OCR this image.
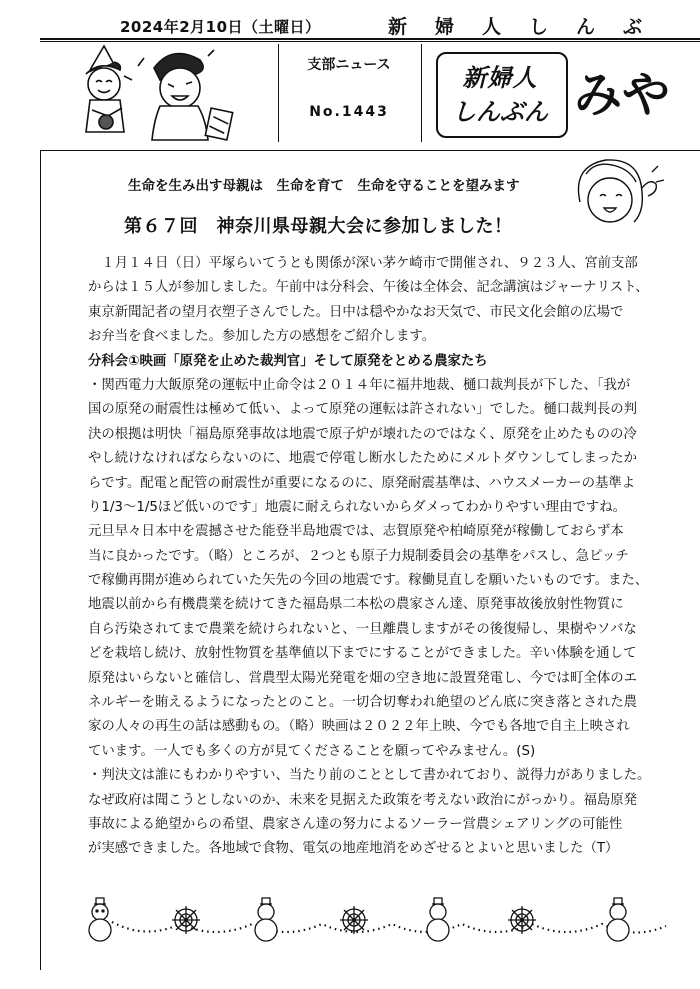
2024年2月10日（土曜日）	新婦人しんぶ
支部ニュース
No.1443
新婦人
しんぶん みや
生命を生み出す母親は　生命を育て　生命を守ることを望みます
第６７回　神奈川県母親大会に参加しました！
　１月１４日（日）平塚らいてうとも関係が深い茅ケ崎市で開催され、９２３人、宮前支部
からは１５人が参加しました。午前中は分科会、午後は全体会、記念講演はジャーナリスト、
東京新聞記者の望月衣塑子さんでした。日中は穏やかなお天気で、市民文化会館の広場で
お弁当を食べました。参加した方の感想をご紹介します。
分科会①映画「原発を止めた裁判官」そして原発をとめる農家たち
・関西電力大飯原発の運転中止命令は２０１４年に福井地裁、樋口裁判長が下した、「我が
国の原発の耐震性は極めて低い、よって原発の運転は許されない」でした。樋口裁判長の判
決の根拠は明快「福島原発事故は地震で原子炉が壊れたのではなく、原発を止めたものの冷
やし続けなければならないのに、地震で停電し断水したためにメルトダウンしてしまったか
らです。配電と配管の耐震性が重要になるのに、原発耐震基準は、ハウスメーカーの基準よ
り1/3～1/5ほど低いのです」地震に耐えられないからダメってわかりやすい理由ですね。
元旦早々日本中を震撼させた能登半島地震では、志賀原発や柏崎原発が稼働しておらず本
当に良かったです。（略）ところが、２つとも原子力規制委員会の基準をパスし、急ピッチ
で稼働再開が進められていた矢先の今回の地震です。稼働見直しを願いたいものです。また、
地震以前から有機農業を続けてきた福島県二本松の農家さん達、原発事故後放射性物質に
自ら汚染されてまで農業を続けられないと、一旦離農しますがその後復帰し、果樹やソバな
どを栽培し続け、放射性物質を基準値以下までにすることができました。辛い体験を通して
原発はいらないと確信し、営農型太陽光発電を畑の空き地に設置発電し、今では町全体のエ
ネルギーを賄えるようになったとのこと。一切合切奪われ絶望のどん底に突き落とされた農
家の人々の再生の話は感動もの。（略）映画は２０２２年上映、今でも各地で自主上映され
ています。一人でも多くの方が見てくださることを願ってやみません。(S)
・判決文は誰にもわかりやすい、当たり前のこととして書かれており、説得力がありました。
なぜ政府は聞こうとしないのか、未来を見据えた政策を考えない政治にがっかり。福島原発
事故による絶望からの希望、農家さん達の努力によるソーラー営農シェアリングの可能性
が実感できました。各地域で食物、電気の地産地消をめざせるとよいと思いました（T）
